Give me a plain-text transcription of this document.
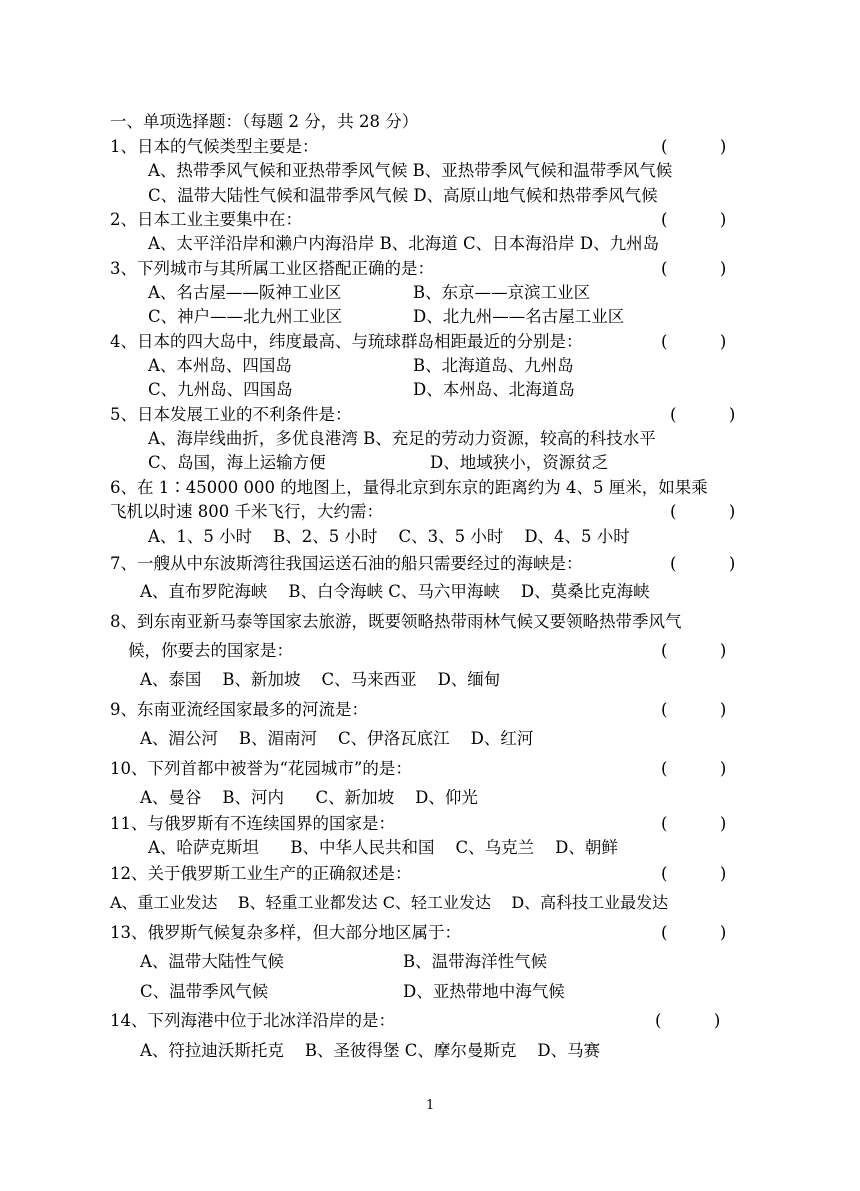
一、单项选择题：（每题 2 分，共 28 分）
1、日本的气候类型主要是：	(          )
A、热带季风气候和亚热带季风气候 B、亚热带季风气候和温带季风气候
C、温带大陆性气候和温带季风气候 D、高原山地气候和热带季风气候
2、日本工业主要集中在：	(          )
A、太平洋沿岸和濑户内海沿岸 B、北海道 C、日本海沿岸 D、九州岛
3、下列城市与其所属工业区搭配正确的是：	(          )
A、名古屋——阪神工业区	B、东京——京滨工业区
C、神户——北九州工业区	D、北九州——名古屋工业区
4、日本的四大岛中，纬度最高、与琉球群岛相距最近的分别是：	(          )
A、本州岛、四国岛	B、北海道岛、九州岛
C、九州岛、四国岛	D、本州岛、北海道岛
5、日本发展工业的不利条件是：	(          )
A、海岸线曲折，多优良港湾 B、充足的劳动力资源，较高的科技水平
C、岛国，海上运输方便	D、地域狭小，资源贫乏
6、在 1∶45000 000 的地图上，量得北京到东京的距离约为 4、5 厘米，如果乘
飞机以时速 800 千米飞行，大约需：	(          )
A、1、5 小时    B、2、5 小时    C、3、5 小时    D、4、5 小时
7、一艘从中东波斯湾往我国运送石油的船只需要经过的海峡是：	(          )
A、直布罗陀海峡    B、白令海峡 C、马六甲海峡    D、莫桑比克海峡
8、到东南亚新马泰等国家去旅游，既要领略热带雨林气候又要领略热带季风气
候，你要去的国家是：	(          )
A、泰国    B、新加坡    C、马来西亚    D、缅甸
9、东南亚流经国家最多的河流是：	(          )
A、湄公河    B、湄南河    C、伊洛瓦底江    D、红河
10、下列首都中被誉为“花园城市”的是：	(          )
A、曼谷    B、河内      C、新加坡    D、仰光
11、与俄罗斯有不连续国界的国家是：	(          )
A、哈萨克斯坦      B、中华人民共和国    C、乌克兰    D、朝鲜
12、关于俄罗斯工业生产的正确叙述是：	(          )
A、重工业发达    B、轻重工业都发达 C、轻工业发达    D、高科技工业最发达
13、俄罗斯气候复杂多样，但大部分地区属于：	(          )
A、温带大陆性气候	B、温带海洋性气候
C、温带季风气候	D、亚热带地中海气候
14、下列海港中位于北冰洋沿岸的是：	(          )
A、符拉迪沃斯托克    B、圣彼得堡 C、摩尔曼斯克    D、马赛
1
